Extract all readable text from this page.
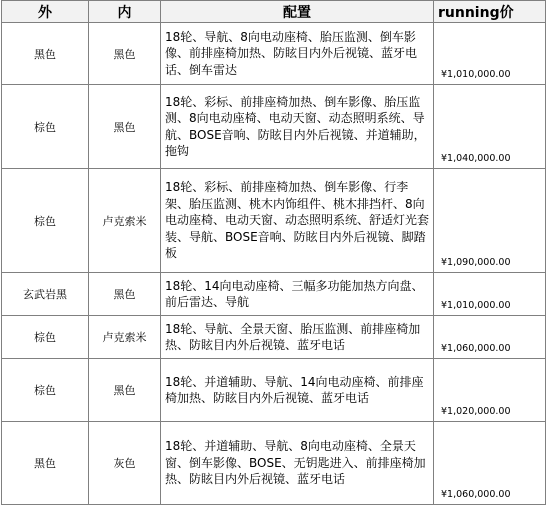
外	内	配置	running价
黑色	黑色	18轮、导航、8向电动座椅、胎压监测、倒车影像、前排座椅加热、防眩目内外后视镜、蓝牙电话、倒车雷达	¥1,010,000.00
棕色	黑色	18轮、彩标、前排座椅加热、倒车影像、胎压监测、8向电动座椅、电动天窗、动态照明系统、导航、BOSE音响、防眩目内外后视镜、并道辅助，拖钩	¥1,040,000.00
棕色	卢克索米	18轮、彩标、前排座椅加热、倒车影像、行李架、胎压监测、桃木内饰组件、桃木排挡杆、8向电动座椅、电动天窗、动态照明系统、舒适灯光套装、导航、BOSE音响、防眩目内外后视镜、脚踏板	¥1,090,000.00
玄武岩黑	黑色	18轮、14向电动座椅、三幅多功能加热方向盘、前后雷达、导航	¥1,010,000.00
棕色	卢克索米	18轮、导航、全景天窗、胎压监测、前排座椅加热、防眩目内外后视镜、蓝牙电话	¥1,060,000.00
棕色	黑色	18轮、并道辅助、导航、14向电动座椅、前排座椅加热、防眩目内外后视镜、蓝牙电话	¥1,020,000.00
黑色	灰色	18轮、并道辅助、导航、8向电动座椅、全景天窗、倒车影像、BOSE、无钥匙进入、前排座椅加热、防眩目内外后视镜、蓝牙电话	¥1,060,000.00
